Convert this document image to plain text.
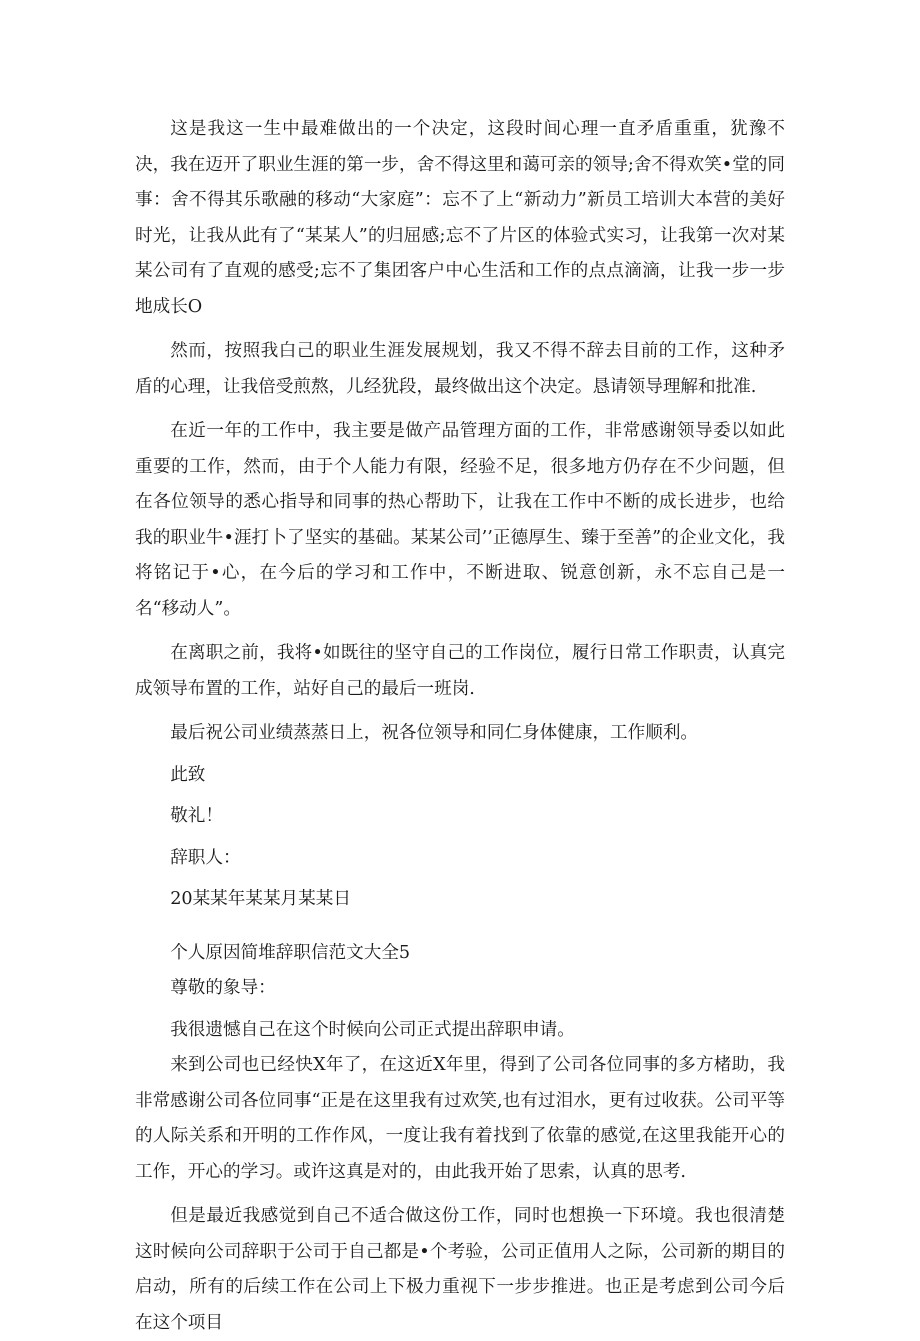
这是我这一生中最难做出的一个决定，这段时间心理一直矛盾重重，犹豫不决，我在迈开了职业生涯的第一步，舍不得这里和蔼可亲的领导;舍不得欢笑•堂的同事：舍不得其乐歌融的移动“大家庭”：忘不了上“新动力”新员工培训大本营的美好时光，让我从此有了“某某人”的归屈感;忘不了片区的体验式实习，让我第一次对某某公司有了直观的感受;忘不了集团客户中心生活和工作的点点滴滴，让我一步一步地成长O

然而，按照我白己的职业生涯发展规划，我又不得不辞去目前的工作，这种矛盾的心理，让我倍受煎熬，儿经犹段，最终做出这个决定。恳请领导理解和批准.

在近一年的工作中，我主要是做产品管理方面的工作，非常感谢领导委以如此重要的工作，然而，由于个人能力有限，经验不足，很多地方仍存在不少问题，但在各位领导的悉心指导和同事的热心帮助下，让我在工作中不断的成长进步，也给我的职业牛•涯打卜了坚实的基础。某某公司’’正德厚生、臻于至善”的企业文化，我将铭记于•心，在今后的学习和工作中，不断进取、锐意创新，永不忘自己是一名“移动人”。

在离职之前，我将•如既往的坚守自己的工作岗位，履行日常工作职责，认真完成领导布置的工作，站好自己的最后一班岗.

最后祝公司业绩蒸蒸日上，祝各位领导和同仁身体健康，工作顺利。

此致

敬礼！

辞职人：

20某某年某某月某某日

个人原因简堆辞职信范文大全5

尊敬的象导：

我很遗憾自己在这个时候向公司正式提出辞职申请。

来到公司也已经快X年了，在这近X年里，得到了公司各位同事的多方楮助，我非常感谢公司各位同事“正是在这里我有过欢笑,也有过泪水，更有过收获。公司平等的人际关系和开明的工作作风，一度让我有着找到了依靠的感觉,在这里我能开心的工作，开心的学习。或许这真是对的，由此我开始了思索，认真的思考.

但是最近我感觉到自己不适合做这份工作，同时也想换一下环境。我也很清楚这时候向公司辞职于公司于自己都是•个考验，公司正值用人之际，公司新的期目的启动，所有的后续工作在公司上下极力重视下一步步推进。也正是考虑到公司今后在这个项目
